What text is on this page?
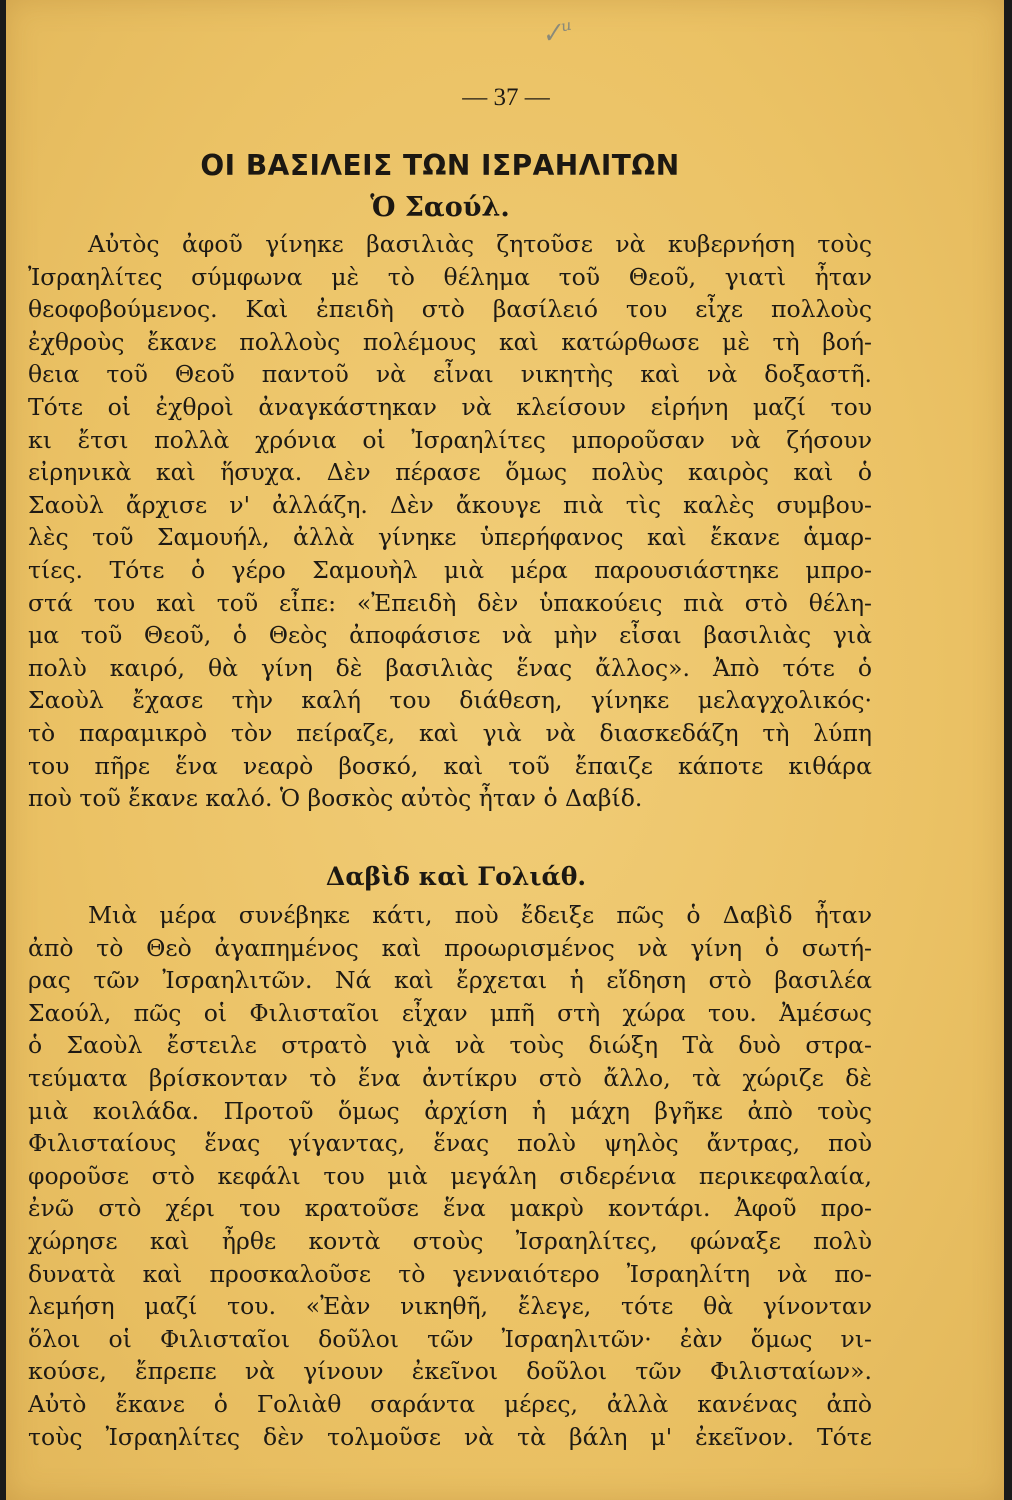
✓ᵘ
— 37 —
ΟΙ ΒΑΣΙΛΕΙΣ ΤΩΝ ΙΣΡΑΗΛΙΤΩΝ
Ὁ Σαούλ.
Αὐτὸς ἀφοῦ γίνηκε βασιλιὰς ζητοῦσε νὰ κυβερνήση τοὺς
Ἰσραηλίτες σύμφωνα μὲ τὸ θέλημα τοῦ Θεοῦ, γιατὶ ἦταν
θεοφοβούμενος. Καὶ ἐπειδὴ στὸ βασίλειό του εἶχε πολλοὺς
ἐχθροὺς ἔκανε πολλοὺς πολέμους καὶ κατώρθωσε μὲ τὴ βοή-
θεια τοῦ Θεοῦ παντοῦ νὰ εἶναι νικητὴς καὶ νὰ δοξαστῆ.
Τότε οἱ ἐχθροὶ ἀναγκάστηκαν νὰ κλείσουν εἰρήνη μαζί του
κι ἔτσι πολλὰ χρόνια οἱ Ἰσραηλίτες μποροῦσαν νὰ ζήσουν
εἰρηνικὰ καὶ ἥσυχα. Δὲν πέρασε ὅμως πολὺς καιρὸς καὶ ὁ
Σαοὺλ ἄρχισε ν' ἀλλάζη. Δὲν ἄκουγε πιὰ τὶς καλὲς συμβου-
λὲς τοῦ Σαμουήλ, ἀλλὰ γίνηκε ὑπερήφανος καὶ ἔκανε ἁμαρ-
τίες. Τότε ὁ γέρο Σαμουὴλ μιὰ μέρα παρουσιάστηκε μπρο-
στά του καὶ τοῦ εἶπε: «Ἐπειδὴ δὲν ὑπακούεις πιὰ στὸ θέλη-
μα τοῦ Θεοῦ, ὁ Θεὸς ἀποφάσισε νὰ μὴν εἶσαι βασιλιὰς γιὰ
πολὺ καιρό, θὰ γίνη δὲ βασιλιὰς ἕνας ἄλλος». Ἀπὸ τότε ὁ
Σαοὺλ ἔχασε τὴν καλή του διάθεση, γίνηκε μελαγχολικός·
τὸ παραμικρὸ τὸν πείραζε, καὶ γιὰ νὰ διασκεδάζη τὴ λύπη
του πῆρε ἕνα νεαρὸ βοσκό, καὶ τοῦ ἔπαιζε κάποτε κιθάρα
ποὺ τοῦ ἔκανε καλό. Ὁ βοσκὸς αὐτὸς ἦταν ὁ Δαβίδ.
Δαβὶδ καὶ Γολιάθ.
Μιὰ μέρα συνέβηκε κάτι, ποὺ ἔδειξε πῶς ὁ Δαβὶδ ἦταν
ἀπὸ τὸ Θεὸ ἀγαπημένος καὶ προωρισμένος νὰ γίνη ὁ σωτή-
ρας τῶν Ἰσραηλιτῶν. Νά καὶ ἔρχεται ἡ εἴδηση στὸ βασιλέα
Σαούλ, πῶς οἱ Φιλισταῖοι εἶχαν μπῆ στὴ χώρα του. Ἀμέσως
ὁ Σαοὺλ ἔστειλε στρατὸ γιὰ νὰ τοὺς διώξη Τὰ δυὸ στρα-
τεύματα βρίσκονταν τὸ ἕνα ἀντίκρυ στὸ ἄλλο, τὰ χώριζε δὲ
μιὰ κοιλάδα. Προτοῦ ὅμως ἀρχίση ἡ μάχη βγῆκε ἀπὸ τοὺς
Φιλισταίους ἕνας γίγαντας, ἕνας πολὺ ψηλὸς ἄντρας, ποὺ
φοροῦσε στὸ κεφάλι του μιὰ μεγάλη σιδερένια περικεφαλαία,
ἐνῶ στὸ χέρι του κρατοῦσε ἕνα μακρὺ κοντάρι. Ἀφοῦ προ-
χώρησε καὶ ἦρθε κοντὰ στοὺς Ἰσραηλίτες, φώναξε πολὺ
δυνατὰ καὶ προσκαλοῦσε τὸ γενναιότερο Ἰσραηλίτη νὰ πο-
λεμήση μαζί του. «Ἐὰν νικηθῆ, ἔλεγε, τότε θὰ γίνονταν
ὅλοι οἱ Φιλισταῖοι δοῦλοι τῶν Ἰσραηλιτῶν· ἐὰν ὅμως νι-
κούσε, ἔπρεπε νὰ γίνουν ἐκεῖνοι δοῦλοι τῶν Φιλισταίων».
Αὐτὸ ἔκανε ὁ Γολιὰθ σαράντα μέρες, ἀλλὰ κανένας ἀπὸ
τοὺς Ἰσραηλίτες δὲν τολμοῦσε νὰ τὰ βάλη μ' ἐκεῖνον. Τότε
